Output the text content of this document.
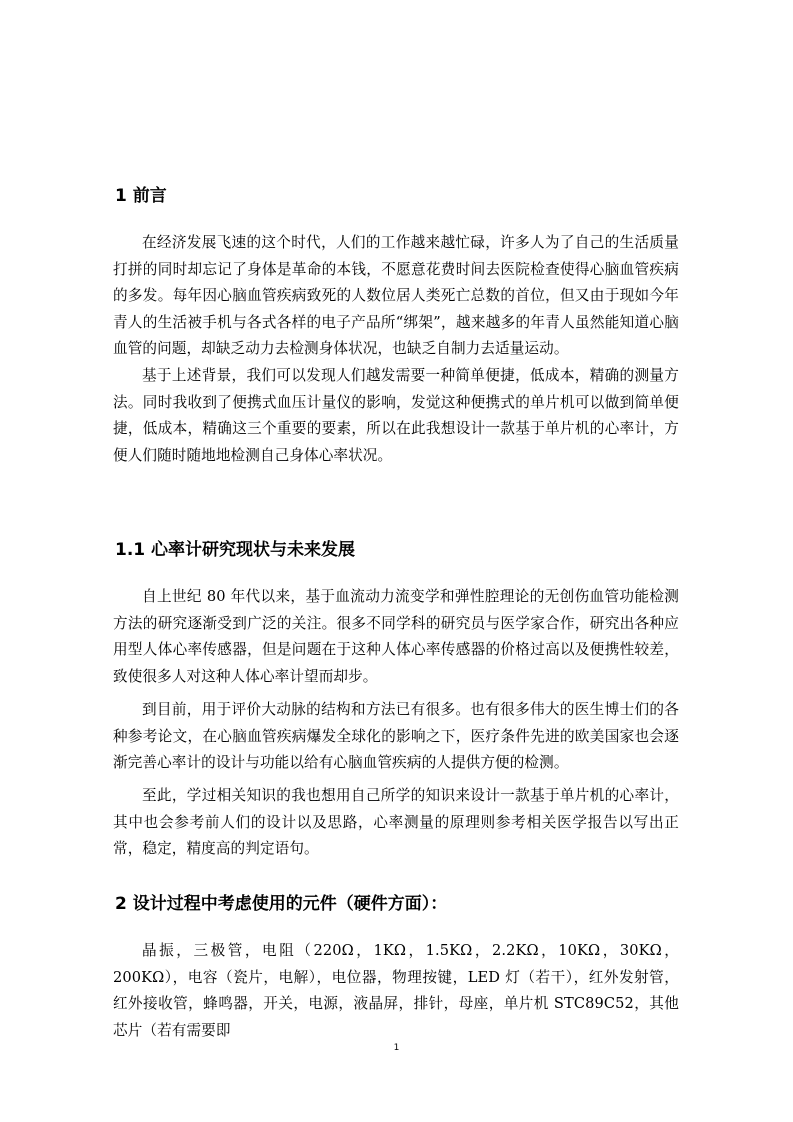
1 前言

在经济发展飞速的这个时代，人们的工作越来越忙碌，许多人为了自己的生活质量打拼的同时却忘记了身体是革命的本钱，不愿意花费时间去医院检查使得心脑血管疾病的多发。每年因心脑血管疾病致死的人数位居人类死亡总数的首位，但又由于现如今年青人的生活被手机与各式各样的电子产品所“绑架”，越来越多的年青人虽然能知道心脑血管的问题，却缺乏动力去检测身体状况，也缺乏自制力去适量运动。

基于上述背景，我们可以发现人们越发需要一种简单便捷，低成本，精确的测量方法。同时我收到了便携式血压计量仪的影响，发觉这种便携式的单片机可以做到简单便捷，低成本，精确这三个重要的要素，所以在此我想设计一款基于单片机的心率计，方便人们随时随地地检测自己身体心率状况。

1.1 心率计研究现状与未来发展

自上世纪 80 年代以来，基于血流动力流变学和弹性腔理论的无创伤血管功能检测方法的研究逐渐受到广泛的关注。很多不同学科的研究员与医学家合作，研究出各种应用型人体心率传感器，但是问题在于这种人体心率传感器的价格过高以及便携性较差，致使很多人对这种人体心率计望而却步。

到目前，用于评价大动脉的结构和方法已有很多。也有很多伟大的医生博士们的各种参考论文，在心脑血管疾病爆发全球化的影响之下，医疗条件先进的欧美国家也会逐渐完善心率计的设计与功能以给有心脑血管疾病的人提供方便的检测。

至此，学过相关知识的我也想用自己所学的知识来设计一款基于单片机的心率计，其中也会参考前人们的设计以及思路，心率测量的原理则参考相关医学报告以写出正常，稳定，精度高的判定语句。

2 设计过程中考虑使用的元件（硬件方面）：

晶振，三极管，电阻（220Ω，1KΩ，1.5KΩ，2.2KΩ，10KΩ，30KΩ，200KΩ），电容（瓷片，电解），电位器，物理按键，LED 灯（若干），红外发射管，红外接收管，蜂鸣器，开关，电源，液晶屏，排针，母座，单片机 STC89C52，其他芯片（若有需要即

1
